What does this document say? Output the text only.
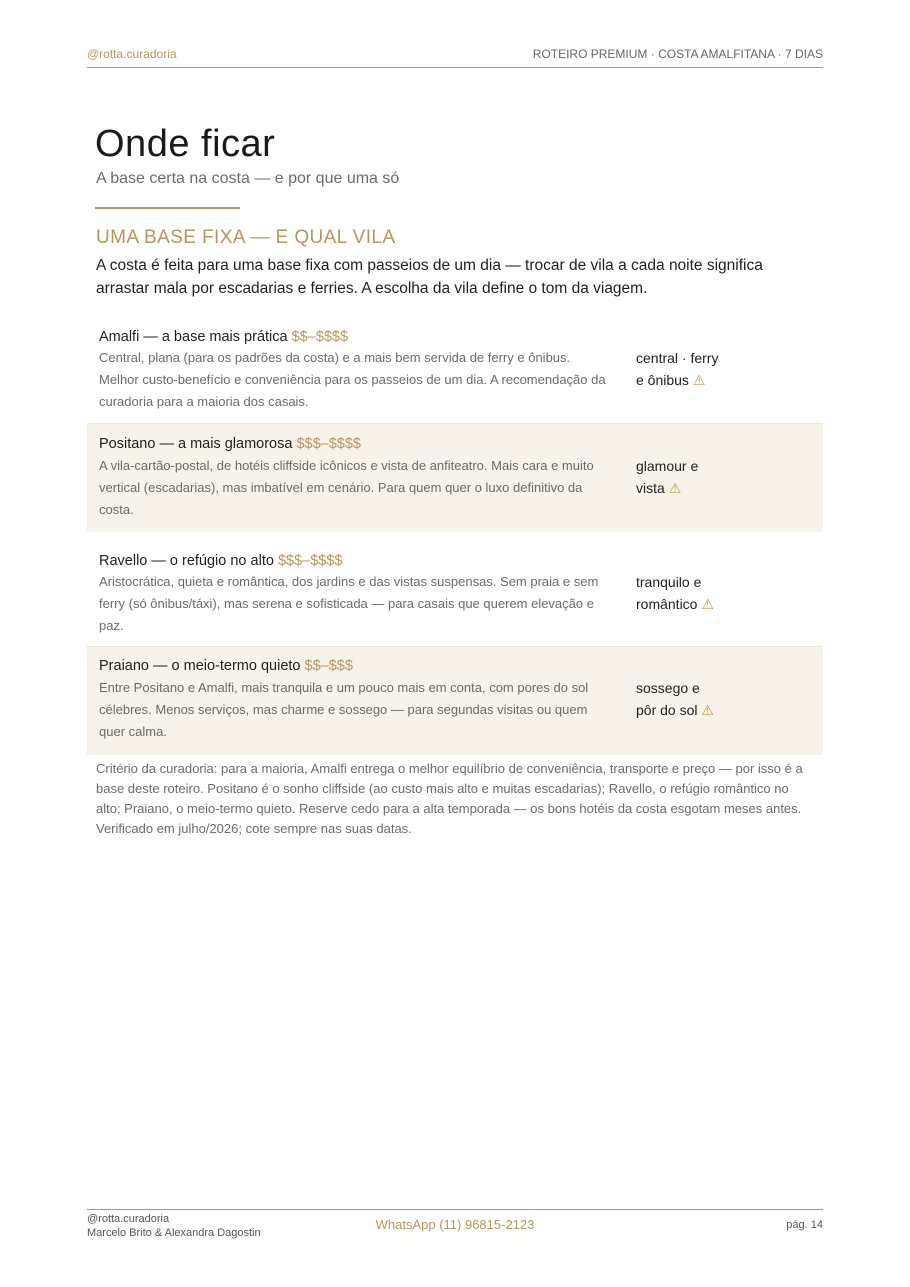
@rotta.curadoria	ROTEIRO PREMIUM · COSTA AMALFITANA · 7 DIAS
Onde ficar
A base certa na costa — e por que uma só
UMA BASE FIXA — E QUAL VILA

A costa é feita para uma base fixa com passeios de um dia — trocar de vila a cada noite significa arrastar mala por escadarias e ferries. A escolha da vila define o tom da viagem.

Amalfi — a base mais prática $$–$$$$

Central, plana (para os padrões da costa) e a mais bem servida de ferry e ônibus. Melhor custo-benefício e conveniência para os passeios de um dia. A recomendação da curadoria para a maioria dos casais.

central · ferry
e ônibus ⚠
Positano — a mais glamorosa $$$–$$$$

A vila-cartão-postal, de hotéis cliffside icônicos e vista de anfiteatro. Mais cara e muito vertical (escadarias), mas imbatível em cenário. Para quem quer o luxo definitivo da costa.

glamour e
vista ⚠
Ravello — o refúgio no alto $$$–$$$$

Aristocrática, quieta e romântica, dos jardins e das vistas suspensas. Sem praia e sem ferry (só ônibus/táxi), mas serena e sofisticada — para casais que querem elevação e paz.

tranquilo e
romântico ⚠
Praiano — o meio-termo quieto $$–$$$

Entre Positano e Amalfi, mais tranquila e um pouco mais em conta, com pores do sol célebres. Menos serviços, mas charme e sossego — para segundas visitas ou quem quer calma.

sossego e
pôr do sol ⚠

Critério da curadoria: para a maioria, Amalfi entrega o melhor equilíbrio de conveniência, transporte e preço — por isso é a base deste roteiro. Positano é o sonho cliffside (ao custo mais alto e muitas escadarias); Ravello, o refúgio romântico no alto; Praiano, o meio-termo quieto. Reserve cedo para a alta temporada — os bons hotéis da costa esgotam meses antes. Verificado em julho/2026; cote sempre nas suas datas.

@rotta.curadoria
Marcelo Brito & Alexandra Dagostin
WhatsApp (11) 96815-2123	pág. 14
